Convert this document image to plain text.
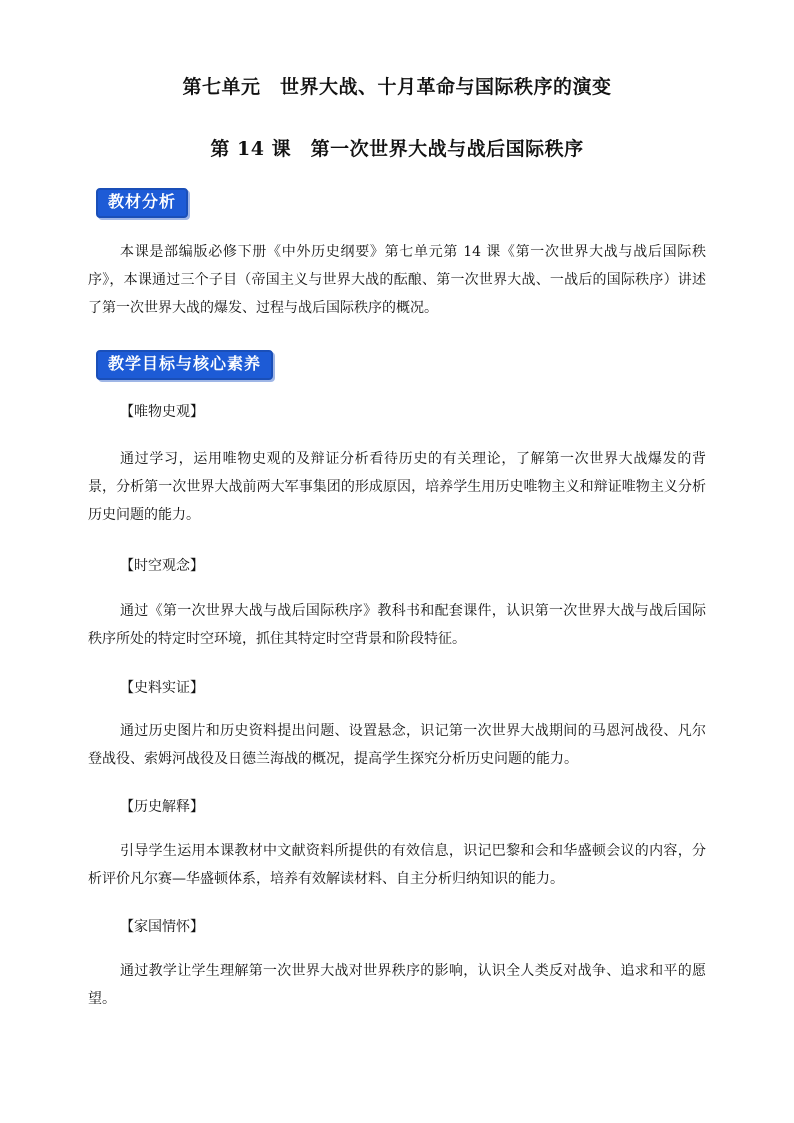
第七单元　世界大战、十月革命与国际秩序的演变
第 14 课　第一次世界大战与战后国际秩序
教材分析
本课是部编版必修下册《中外历史纲要》第七单元第 14 课《第一次世界大战与战后国际秩序》，本课通过三个子目（帝国主义与世界大战的酝酿、第一次世界大战、一战后的国际秩序）讲述了第一次世界大战的爆发、过程与战后国际秩序的概况。
教学目标与核心素养
【唯物史观】
通过学习，运用唯物史观的及辩证分析看待历史的有关理论，了解第一次世界大战爆发的背景，分析第一次世界大战前两大军事集团的形成原因，培养学生用历史唯物主义和辩证唯物主义分析历史问题的能力。
【时空观念】
通过《第一次世界大战与战后国际秩序》教科书和配套课件，认识第一次世界大战与战后国际秩序所处的特定时空环境，抓住其特定时空背景和阶段特征。
【史料实证】
通过历史图片和历史资料提出问题、设置悬念，识记第一次世界大战期间的马恩河战役、凡尔登战役、索姆河战役及日德兰海战的概况，提高学生探究分析历史问题的能力。
【历史解释】
引导学生运用本课教材中文献资料所提供的有效信息，识记巴黎和会和华盛顿会议的内容，分析评价凡尔赛—华盛顿体系，培养有效解读材料、自主分析归纳知识的能力。
【家国情怀】
通过教学让学生理解第一次世界大战对世界秩序的影响，认识全人类反对战争、追求和平的愿望。
